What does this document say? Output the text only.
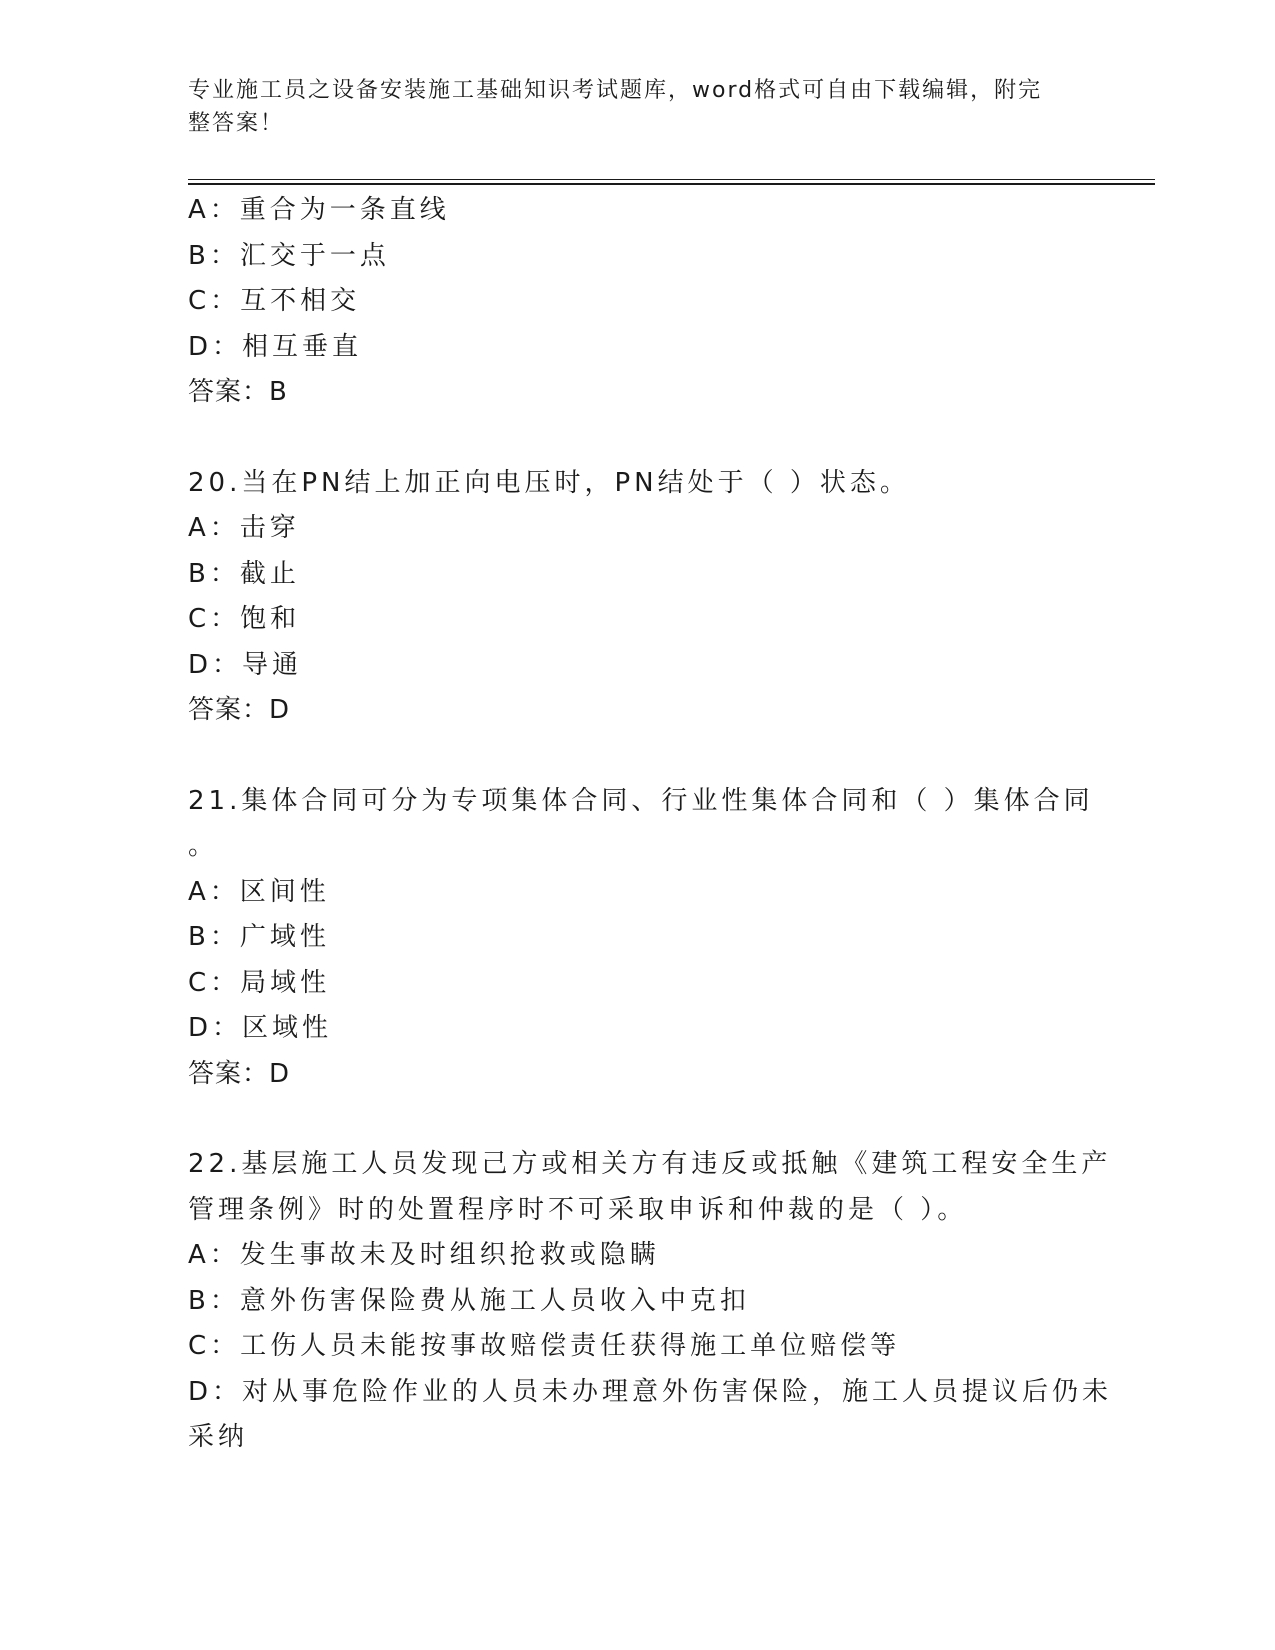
专业施工员之设备安装施工基础知识考试题库，word格式可自由下载编辑，附完
整答案！
A：重合为一条直线
B：汇交于一点
C：互不相交
D：相互垂直
答案：B
20.当在PN结上加正向电压时，PN结处于（ ）状态。
A：击穿
B：截止
C：饱和
D：导通
答案：D
21.集体合同可分为专项集体合同、行业性集体合同和（ ）集体合同
。
A：区间性
B：广域性
C：局域性
D：区域性
答案：D
22.基层施工人员发现己方或相关方有违反或抵触《建筑工程安全生产
管理条例》时的处置程序时不可采取申诉和仲裁的是（ ）。
A：发生事故未及时组织抢救或隐瞒
B：意外伤害保险费从施工人员收入中克扣
C：工伤人员未能按事故赔偿责任获得施工单位赔偿等
D：对从事危险作业的人员未办理意外伤害保险，施工人员提议后仍未
采纳
